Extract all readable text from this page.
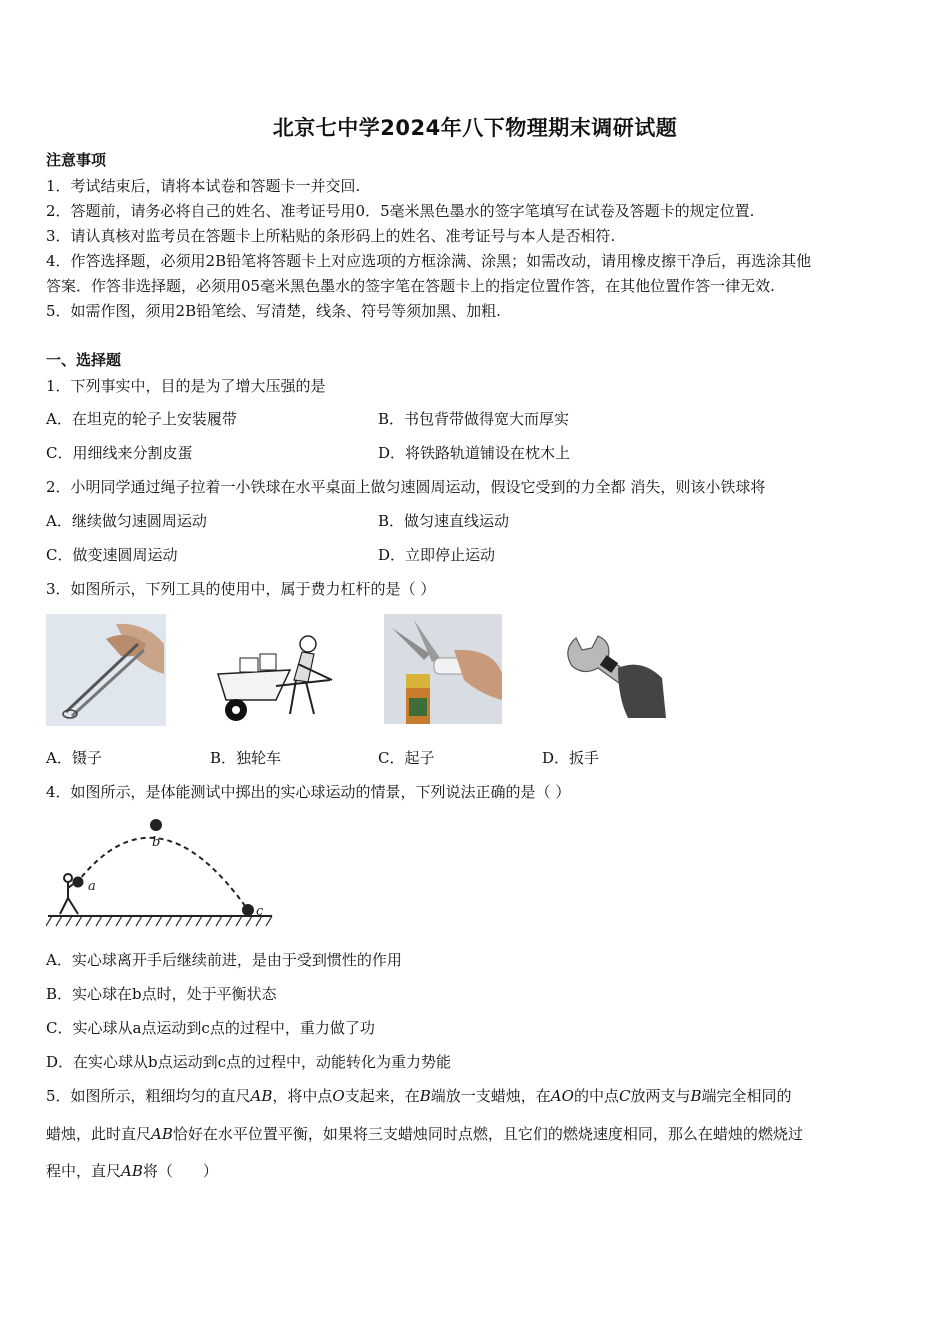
北京七中学2024年八下物理期末调研试题
注意事项
1．考试结束后，请将本试卷和答题卡一并交回.
2．答题前，请务必将自己的姓名、准考证号用0．5毫米黑色墨水的签字笔填写在试卷及答题卡的规定位置.
3．请认真核对监考员在答题卡上所粘贴的条形码上的姓名、准考证号与本人是否相符.
4．作答选择题，必须用2B铅笔将答题卡上对应选项的方框涂满、涂黑；如需改动，请用橡皮擦干净后，再选涂其他
答案．作答非选择题，必须用05毫米黑色墨水的签字笔在答题卡上的指定位置作答，在其他位置作答一律无效.
5．如需作图，须用2B铅笔绘、写清楚，线条、符号等须加黑、加粗.
一、选择题
1．下列事实中，目的是为了增大压强的是
A．在坦克的轮子上安装履带	B．书包背带做得宽大而厚实
C．用细线来分割皮蛋	D．将铁路轨道铺设在枕木上
2．小明同学通过绳子拉着一小铁球在水平桌面上做匀速圆周运动，假设它受到的力全都 消失，则该小铁球将
A．继续做匀速圆周运动	B．做匀速直线运动
C．做变速圆周运动	D．立即停止运动
3．如图所示，下列工具的使用中，属于费力杠杆的是（ ）
A．镊子	B．独轮车	C．起子	D．扳手
4．如图所示，是体能测试中掷出的实心球运动的情景，下列说法正确的是（ ）
a
b
c
A．实心球离开手后继续前进，是由于受到惯性的作用
B．实心球在b点时，处于平衡状态
C．实心球从a点运动到c点的过程中，重力做了功
D．在实心球从b点运动到c点的过程中，动能转化为重力势能
5．如图所示，粗细均匀的直尺AB，将中点O支起来，在B端放一支蜡烛，在AO的中点C放两支与B端完全相同的
蜡烛，此时直尺AB恰好在水平位置平衡，如果将三支蜡烛同时点燃，且它们的燃烧速度相同，那么在蜡烛的燃烧过
程中，直尺AB将（　　）
